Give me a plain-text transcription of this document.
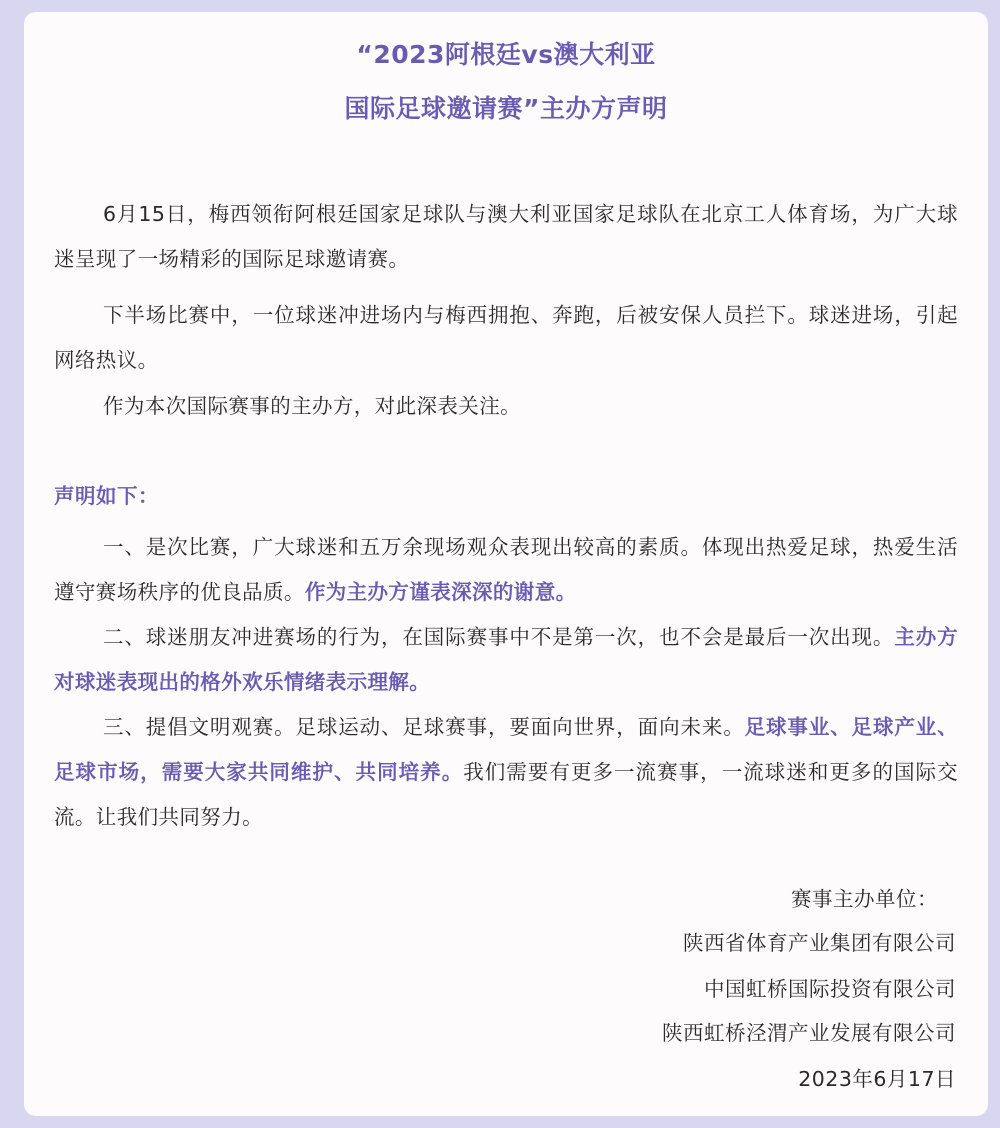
“2023阿根廷vs澳大利亚
国际足球邀请赛”主办方声明
6月15日，梅西领衔阿根廷国家足球队与澳大利亚国家足球队在北京工人体育场，为广大球迷呈现了一场精彩的国际足球邀请赛。
下半场比赛中，一位球迷冲进场内与梅西拥抱、奔跑，后被安保人员拦下。球迷进场，引起网络热议。
作为本次国际赛事的主办方，对此深表关注。
声明如下：
一、是次比赛，广大球迷和五万余现场观众表现出较高的素质。体现出热爱足球，热爱生活遵守赛场秩序的优良品质。作为主办方谨表深深的谢意。
二、球迷朋友冲进赛场的行为，在国际赛事中不是第一次，也不会是最后一次出现。主办方对球迷表现出的格外欢乐情绪表示理解。
三、提倡文明观赛。足球运动、足球赛事，要面向世界，面向未来。足球事业、足球产业、足球市场，需要大家共同维护、共同培养。我们需要有更多一流赛事，一流球迷和更多的国际交流。让我们共同努力。
赛事主办单位：
陕西省体育产业集团有限公司
中国虹桥国际投资有限公司
陕西虹桥泾渭产业发展有限公司
2023年6月17日
